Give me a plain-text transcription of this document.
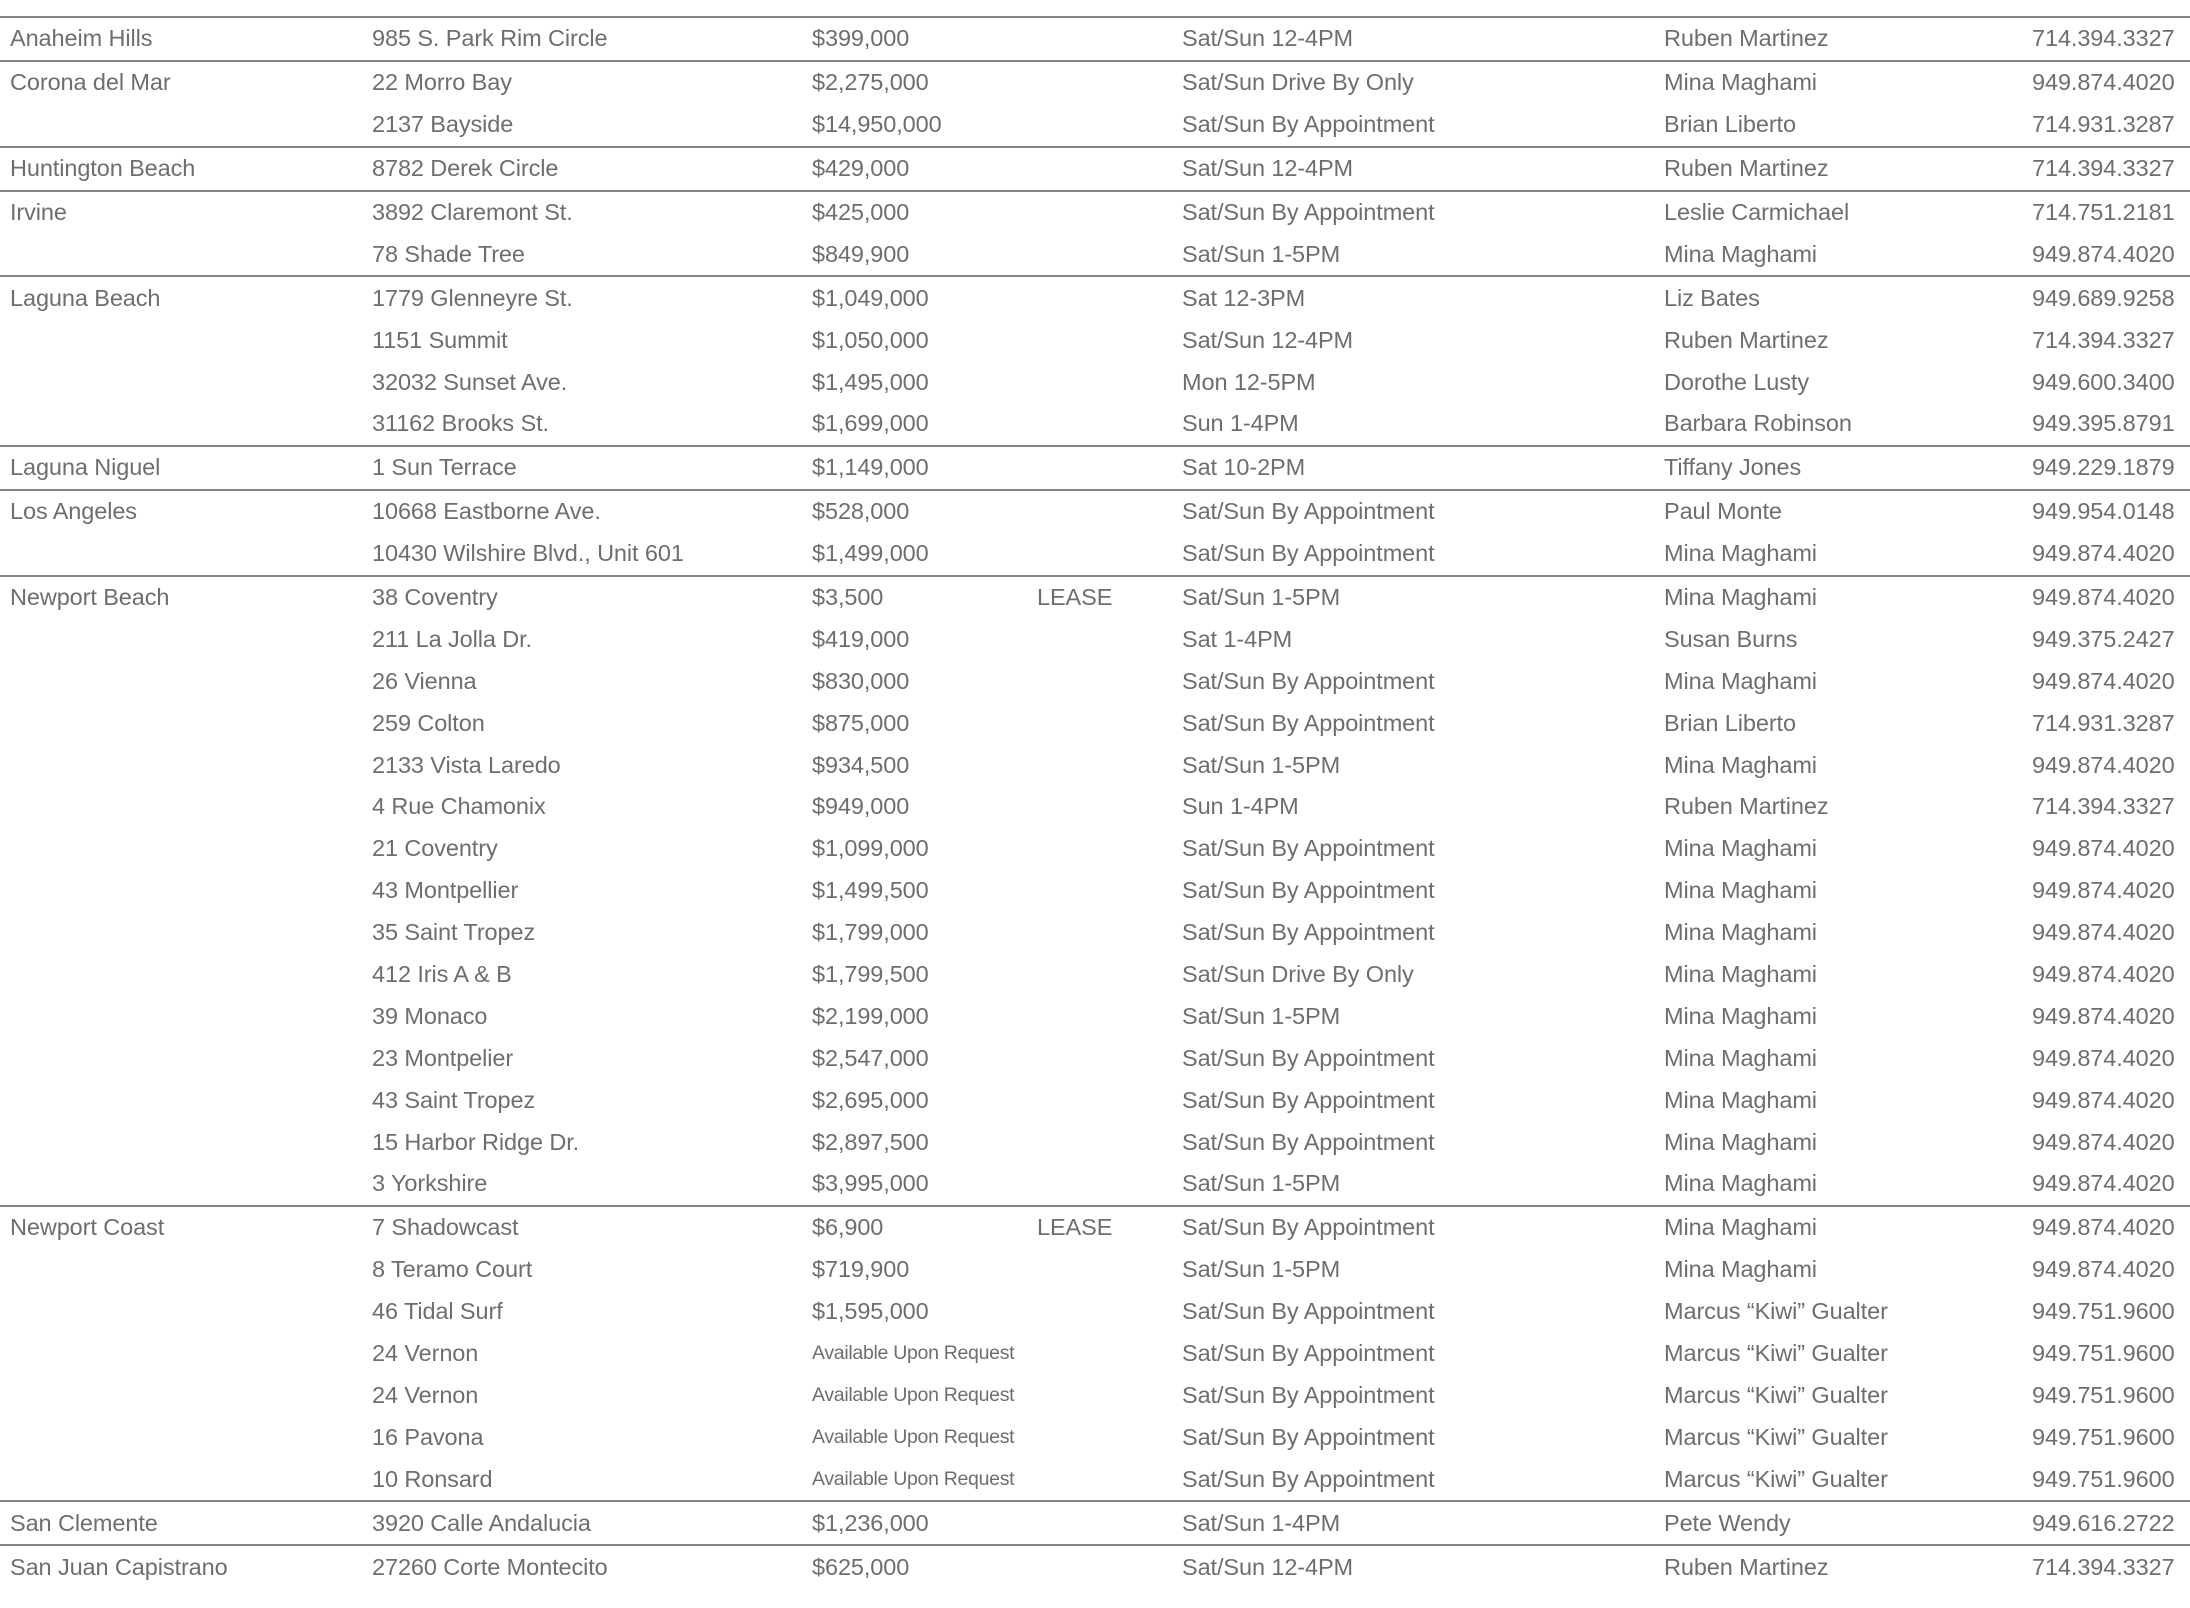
Anaheim Hills	985 S. Park Rim Circle	$399,000	Sat/Sun 12-4PM	Ruben Martinez	714.394.3327
Corona del Mar	22 Morro Bay	$2,275,000	Sat/Sun Drive By Only	Mina Maghami	949.874.4020
2137 Bayside	$14,950,000	Sat/Sun By Appointment	Brian Liberto	714.931.3287
Huntington Beach	8782 Derek Circle	$429,000	Sat/Sun 12-4PM	Ruben Martinez	714.394.3327
Irvine	3892 Claremont St.	$425,000	Sat/Sun By Appointment	Leslie Carmichael	714.751.2181
78 Shade Tree	$849,900	Sat/Sun 1-5PM	Mina Maghami	949.874.4020
Laguna Beach	1779 Glenneyre St.	$1,049,000	Sat 12-3PM	Liz Bates	949.689.9258
1151 Summit	$1,050,000	Sat/Sun 12-4PM	Ruben Martinez	714.394.3327
32032 Sunset Ave.	$1,495,000	Mon 12-5PM	Dorothe Lusty	949.600.3400
31162 Brooks St.	$1,699,000	Sun 1-4PM	Barbara Robinson	949.395.8791
Laguna Niguel	1 Sun Terrace	$1,149,000	Sat 10-2PM	Tiffany Jones	949.229.1879
Los Angeles	10668 Eastborne Ave.	$528,000	Sat/Sun By Appointment	Paul Monte	949.954.0148
10430 Wilshire Blvd., Unit 601	$1,499,000	Sat/Sun By Appointment	Mina Maghami	949.874.4020
Newport Beach	38 Coventry	$3,500	LEASE	Sat/Sun 1-5PM	Mina Maghami	949.874.4020
211 La Jolla Dr.	$419,000	Sat 1-4PM	Susan Burns	949.375.2427
26 Vienna	$830,000	Sat/Sun By Appointment	Mina Maghami	949.874.4020
259 Colton	$875,000	Sat/Sun By Appointment	Brian Liberto	714.931.3287
2133 Vista Laredo	$934,500	Sat/Sun 1-5PM	Mina Maghami	949.874.4020
4 Rue Chamonix	$949,000	Sun 1-4PM	Ruben Martinez	714.394.3327
21 Coventry	$1,099,000	Sat/Sun By Appointment	Mina Maghami	949.874.4020
43 Montpellier	$1,499,500	Sat/Sun By Appointment	Mina Maghami	949.874.4020
35 Saint Tropez	$1,799,000	Sat/Sun By Appointment	Mina Maghami	949.874.4020
412 Iris A & B	$1,799,500	Sat/Sun Drive By Only	Mina Maghami	949.874.4020
39 Monaco	$2,199,000	Sat/Sun 1-5PM	Mina Maghami	949.874.4020
23 Montpelier	$2,547,000	Sat/Sun By Appointment	Mina Maghami	949.874.4020
43 Saint Tropez	$2,695,000	Sat/Sun By Appointment	Mina Maghami	949.874.4020
15 Harbor Ridge Dr.	$2,897,500	Sat/Sun By Appointment	Mina Maghami	949.874.4020
3 Yorkshire	$3,995,000	Sat/Sun 1-5PM	Mina Maghami	949.874.4020
Newport Coast	7 Shadowcast	$6,900	LEASE	Sat/Sun By Appointment	Mina Maghami	949.874.4020
8 Teramo Court	$719,900	Sat/Sun 1-5PM	Mina Maghami	949.874.4020
46 Tidal Surf	$1,595,000	Sat/Sun By Appointment	Marcus “Kiwi” Gualter	949.751.9600
24 Vernon	Available Upon Request	Sat/Sun By Appointment	Marcus “Kiwi” Gualter	949.751.9600
24 Vernon	Available Upon Request	Sat/Sun By Appointment	Marcus “Kiwi” Gualter	949.751.9600
16 Pavona	Available Upon Request	Sat/Sun By Appointment	Marcus “Kiwi” Gualter	949.751.9600
10 Ronsard	Available Upon Request	Sat/Sun By Appointment	Marcus “Kiwi” Gualter	949.751.9600
San Clemente	3920 Calle Andalucia	$1,236,000	Sat/Sun 1-4PM	Pete Wendy	949.616.2722
San Juan Capistrano	27260 Corte Montecito	$625,000	Sat/Sun 12-4PM	Ruben Martinez	714.394.3327
